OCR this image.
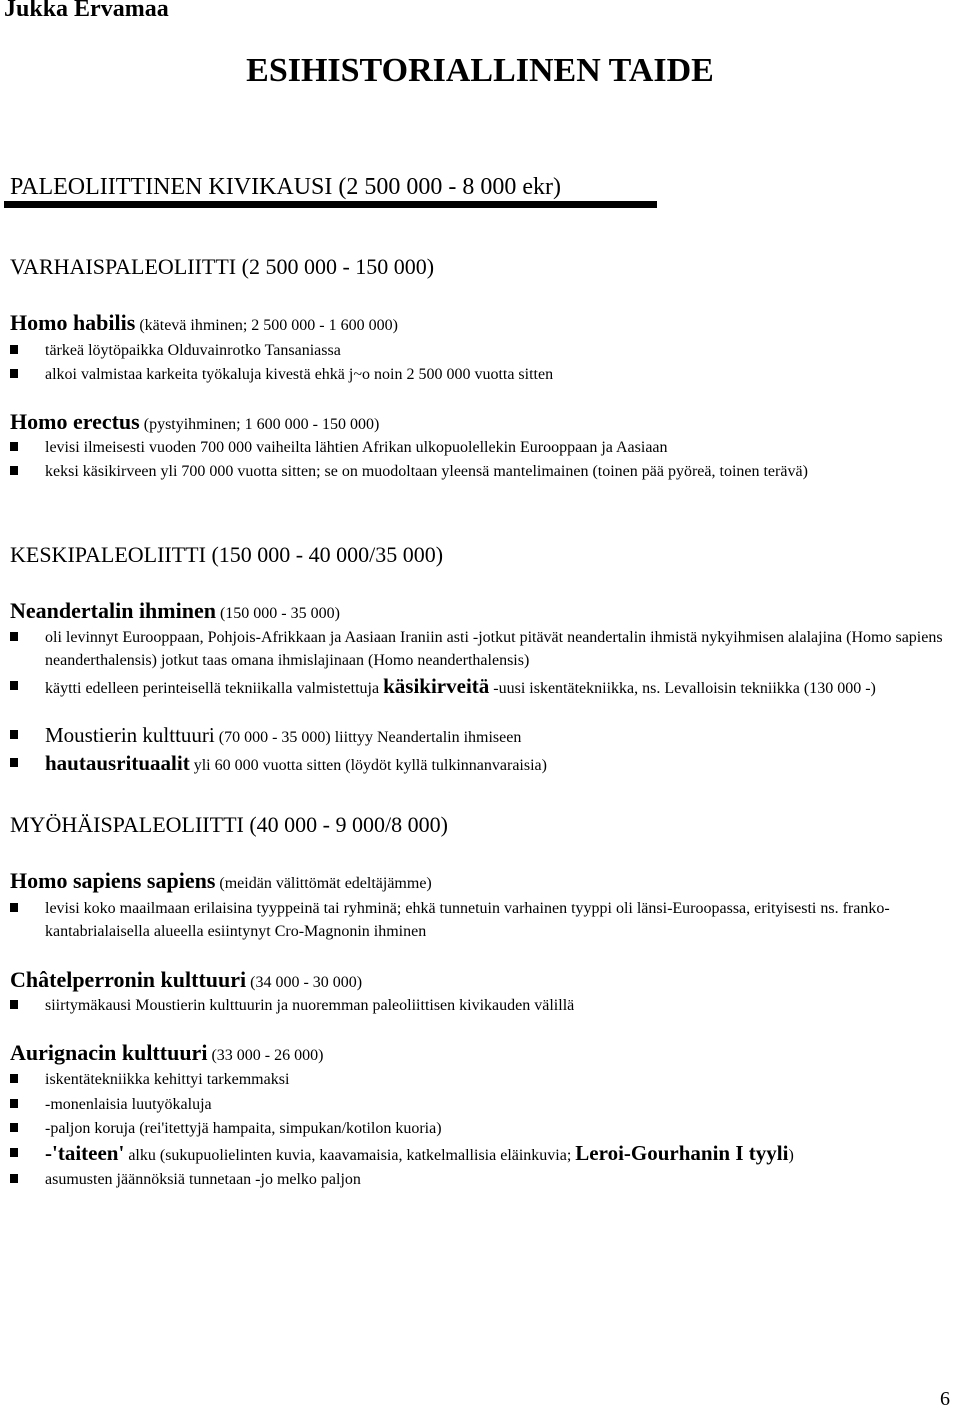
Jukka Ervamaa
ESIHISTORIALLINEN TAIDE
PALEOLIITTINEN KIVIKAUSI (2 500 000 - 8 000 ekr)
VARHAISPALEOLIITTI (2 500 000 - 150 000)
Homo habilis (kätevä ihminen; 2 500 000 - 1 600 000)
tärkeä löytöpaikka Olduvainrotko Tansaniassa
alkoi valmistaa karkeita työkaluja kivestä ehkä j~o noin 2 500 000 vuotta sitten
Homo erectus (pystyihminen; 1 600 000 - 150 000)
levisi ilmeisesti vuoden 700 000 vaiheilta lähtien Afrikan ulkopuolellekin Eurooppaan ja Aasiaan
keksi käsikirveen yli 700 000 vuotta sitten; se on muodoltaan yleensä mantelimainen (toinen pää pyöreä, toinen terävä)
KESKIPALEOLIITTI (150 000 - 40 000/35 000)
Neandertalin ihminen (150 000 - 35 000)
oli levinnyt Eurooppaan, Pohjois-Afrikkaan ja Aasiaan Iraniin asti -jotkut pitävät neandertalin ihmistä nykyihmisen alalajina (Homo sapiens neanderthalensis) jotkut taas omana ihmislajinaan (Homo neanderthalensis)
käytti edelleen perinteisellä tekniikalla valmistettuja käsikirveitä -uusi iskentätekniikka, ns. Levalloisin tekniikka (130 000 -)
Moustierin kulttuuri (70 000 - 35 000) liittyy Neandertalin ihmiseen
hautausrituaalit yli 60 000 vuotta sitten (löydöt kyllä tulkinnanvaraisia)
MYÖHÄISPALEOLIITTI (40 000 - 9 000/8 000)
Homo sapiens sapiens (meidän välittömät edeltäjämme)
levisi koko maailmaan erilaisina tyyppeinä tai ryhminä; ehkä tunnetuin varhainen tyyppi oli länsi-Euroopassa, erityisesti ns. franko-kantabrialaisella alueella esiintynyt Cro-Magnonin ihminen
Châtelperronin kulttuuri (34 000 - 30 000)
siirtymäkausi Moustierin kulttuurin ja nuoremman paleoliittisen kivikauden välillä
Aurignacin kulttuuri (33 000 - 26 000)
iskentätekniikka kehittyi tarkemmaksi
-monenlaisia luutyökaluja
-paljon koruja (rei'itettyjä hampaita, simpukan/kotilon kuoria)
-'taiteen' alku (sukupuolielinten kuvia, kaavamaisia, katkelmallisia eläinkuvia; Leroi-Gourhanin I tyyli)
asumusten jäännöksiä tunnetaan -jo melko paljon
6
